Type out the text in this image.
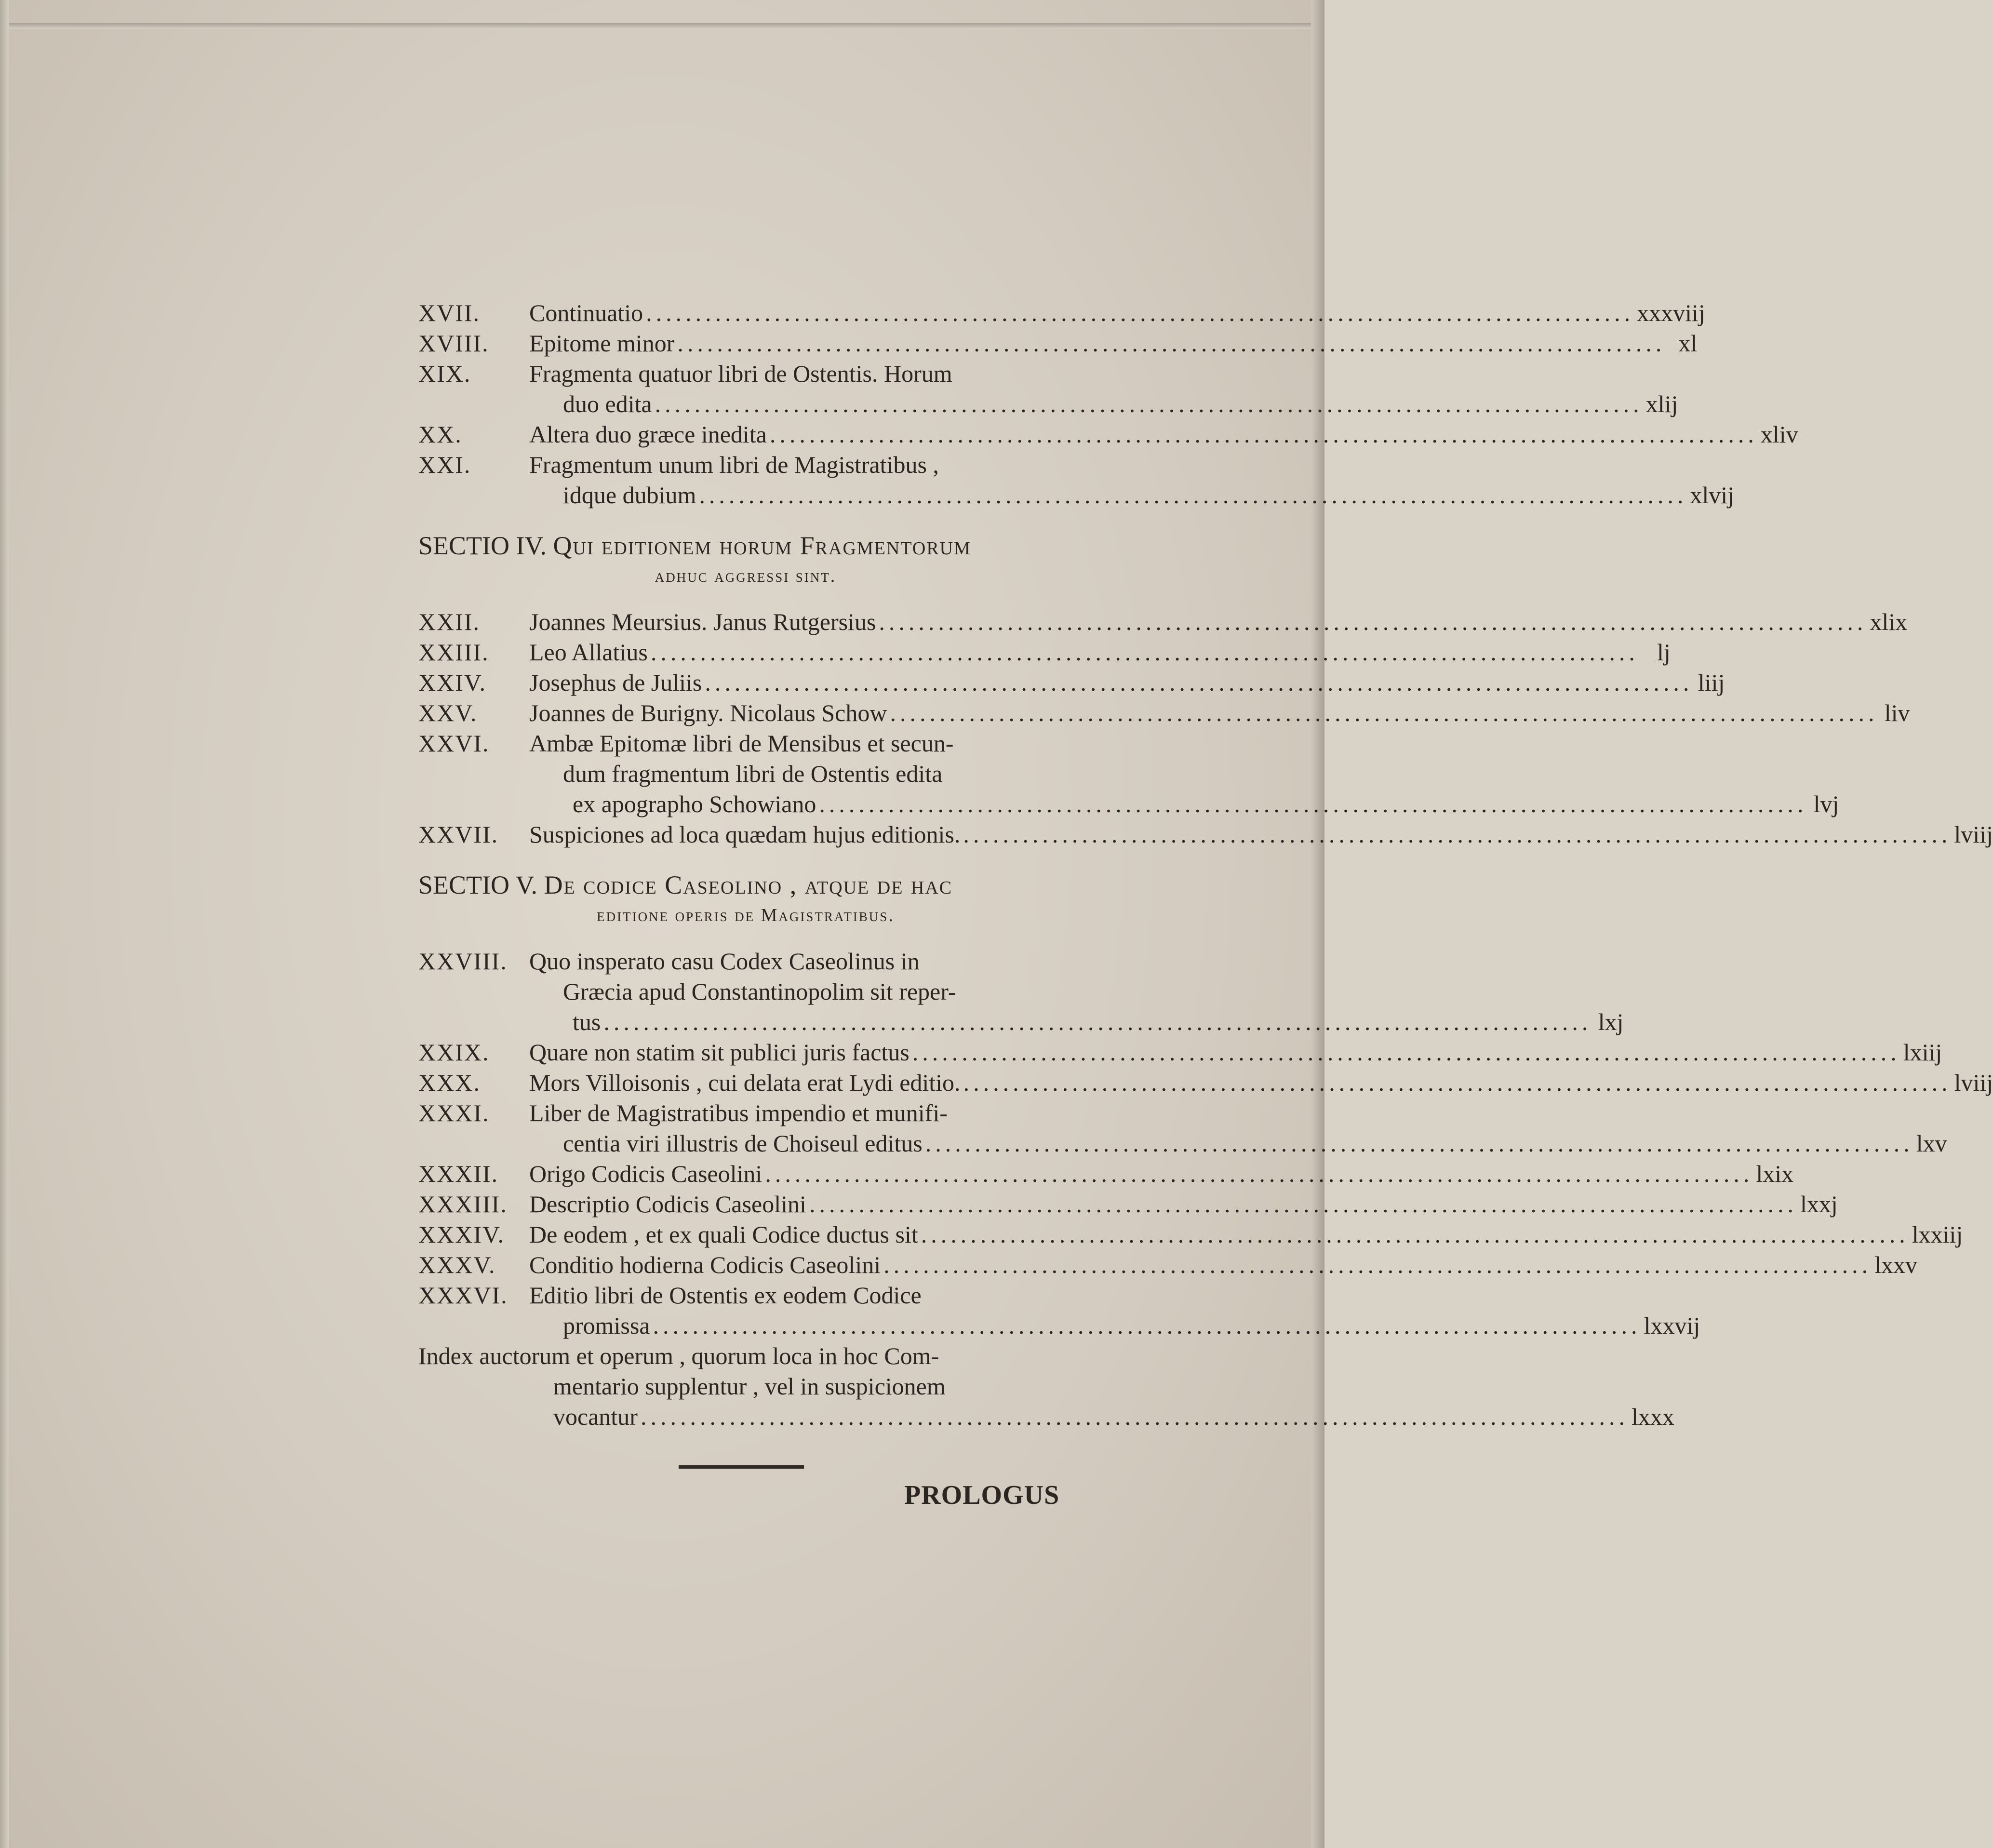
XVII.	Continuatio .....	xxxviij
XVIII.	Epitome minor .....	xl
XIX.	Fragmenta quatuor libri de Ostentis. Horum
duo edita .....	xlij
XX.	Altera duo græce inedita .....	xliv
XXI.	Fragmentum unum libri de Magistratibus ,
idque dubium .....	xlvij
SECTIO IV. Qui editionem horum Fragmentorum
adhuc aggressi sint.
XXII.	Joannes Meursius. Janus Rutgersius .....	xlix
XXIII.	Leo Allatius .....	lj
XXIV.	Josephus de Juliis .....	liij
XXV.	Joannes de Burigny. Nicolaus Schow .....	liv
XXVI.	Ambæ Epitomæ libri de Mensibus et secun-
dum fragmentum libri de Ostentis edita
ex apographo Schowiano .....	lvj
XXVII.	Suspiciones ad loca quædam hujus editionis. .....	lviij
SECTIO V. De codice Caseolino , atque de hac
editione operis de Magistratibus.
XXVIII. Quo insperato casu Codex Caseolinus in
Græcia apud Constantinopolim sit reper-
tus .....	lxj
XXIX.	Quare non statim sit publici juris factus .....	lxiij
XXX.	Mors Villoisonis , cui delata erat Lydi editio. .....	lviij
XXXI.	Liber de Magistratibus impendio et munifi-
centia viri illustris de Choiseul editus .....	lxv
XXXII.	Origo Codicis Caseolini .....	lxix
XXXIII. Descriptio Codicis Caseolini .....	lxxj
XXXIV.	De eodem , et ex quali Codice ductus sit .....	lxxiij
XXXV.	Conditio hodierna Codicis Caseolini .....	lxxv
XXXVI. Editio libri de Ostentis ex eodem Codice
promissa .....	lxxvij
Index auctorum et operum , quorum loca in hoc Com-
mentario supplentur , vel in suspicionem
vocantur .....	lxxx
PROLOGUS
